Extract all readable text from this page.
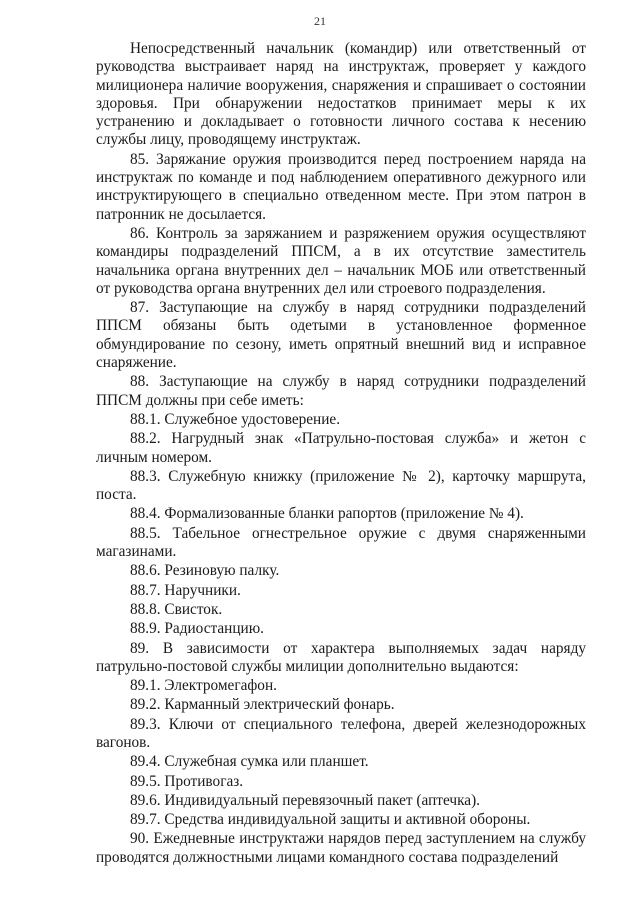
21

Непосредственный начальник (командир) или ответственный от руководства выстраивает наряд на инструктаж, проверяет у каждого милиционера наличие вооружения, снаряжения и спрашивает о состоянии здоровья. При обнаружении недостатков принимает меры к их устранению и докладывает о готовности личного состава к несению службы лицу, проводящему инструктаж.

85. Заряжание оружия производится перед построением наряда на инструктаж по команде и под наблюдением оперативного дежурного или инструктирующего в специально отведенном месте. При этом патрон в патронник не досылается.

86. Контроль за заряжанием и разряжением оружия осуществляют командиры подразделений ППСМ, а в их отсутствие заместитель начальника органа внутренних дел – начальник МОБ или ответственный от руководства органа внутренних дел или строевого подразделения.

87. Заступающие на службу в наряд сотрудники подразделений ППСМ обязаны быть одетыми в установленное форменное обмундирование по сезону, иметь опрятный внешний вид и исправное снаряжение.

88. Заступающие на службу в наряд сотрудники подразделений ППСМ должны при себе иметь:

88.1. Служебное удостоверение.

88.2. Нагрудный знак «Патрульно-постовая служба» и жетон с личным номером.

88.3. Служебную книжку (приложение № 2), карточку маршрута, поста.

88.4. Формализованные бланки рапортов (приложение № 4).

88.5. Табельное огнестрельное оружие с двумя снаряженными магазинами.

88.6. Резиновую палку.

88.7. Наручники.

88.8. Свисток.

88.9. Радиостанцию.

89. В зависимости от характера выполняемых задач наряду патрульно-постовой службы милиции дополнительно выдаются:

89.1. Электромегафон.

89.2. Карманный электрический фонарь.

89.3. Ключи от специального телефона, дверей железнодорожных вагонов.

89.4. Служебная сумка или планшет.

89.5. Противогаз.

89.6. Индивидуальный перевязочный пакет (аптечка).

89.7. Средства индивидуальной защиты и активной обороны.

90. Ежедневные инструктажи нарядов перед заступлением на службу проводятся должностными лицами командного состава подразделений
